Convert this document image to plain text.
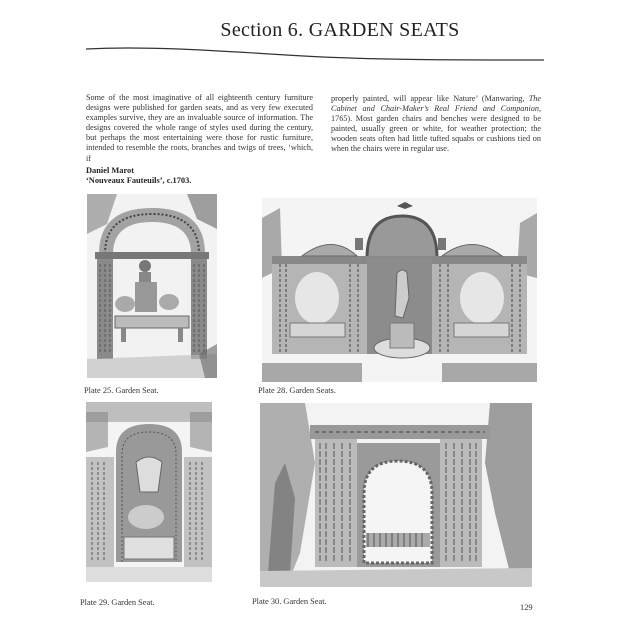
Section 6. GARDEN SEATS
Some of the most imaginative of all eighteenth century furniture designs were published for garden seats, and as very few executed examples survive, they are an invaluable source of information. The designs covered the whole range of styles used during the century, but perhaps the most entertaining were those for rustic furniture, intended to resemble the roots, branches and twigs of trees, ‘which, if
properly painted, will appear like Nature’ (Manwaring, The Cabinet and Chair-Maker’s Real Friend and Companion, 1765). Most garden chairs and benches were designed to be painted, usually green or white, for weather protection; the wooden seats often had little tufted squabs or cushions tied on when the chairs were in regular use.
Daniel Marot
‘Nouveaux Fauteuils’, c.1703.
Plate 25. Garden Seat.	Plate 28. Garden Seats.
Plate 29. Garden Seat.	Plate 30. Garden Seat.
129
